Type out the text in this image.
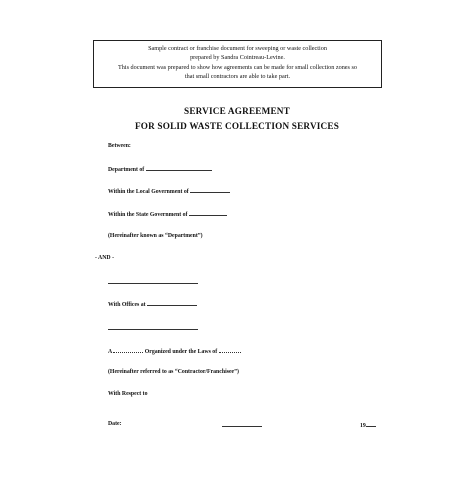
Sample contract or franchise document for sweeping or waste collection
prepared by Sandra Cointreau-Levine.
This document was prepared to show how agreements can be made for small collection zones so
that small contractors are able to take part.
SERVICE AGREEMENT
FOR SOLID WASTE COLLECTION SERVICES
Between:
Department of
Within the Local Government of
Within the State Government of
(Hereinafter known as “Department”)
- AND -
With Offices at
A	Organized under the Laws of
(Hereinafter referred to as “Contractor/Franchisee”)
With Respect to
Date:	19
